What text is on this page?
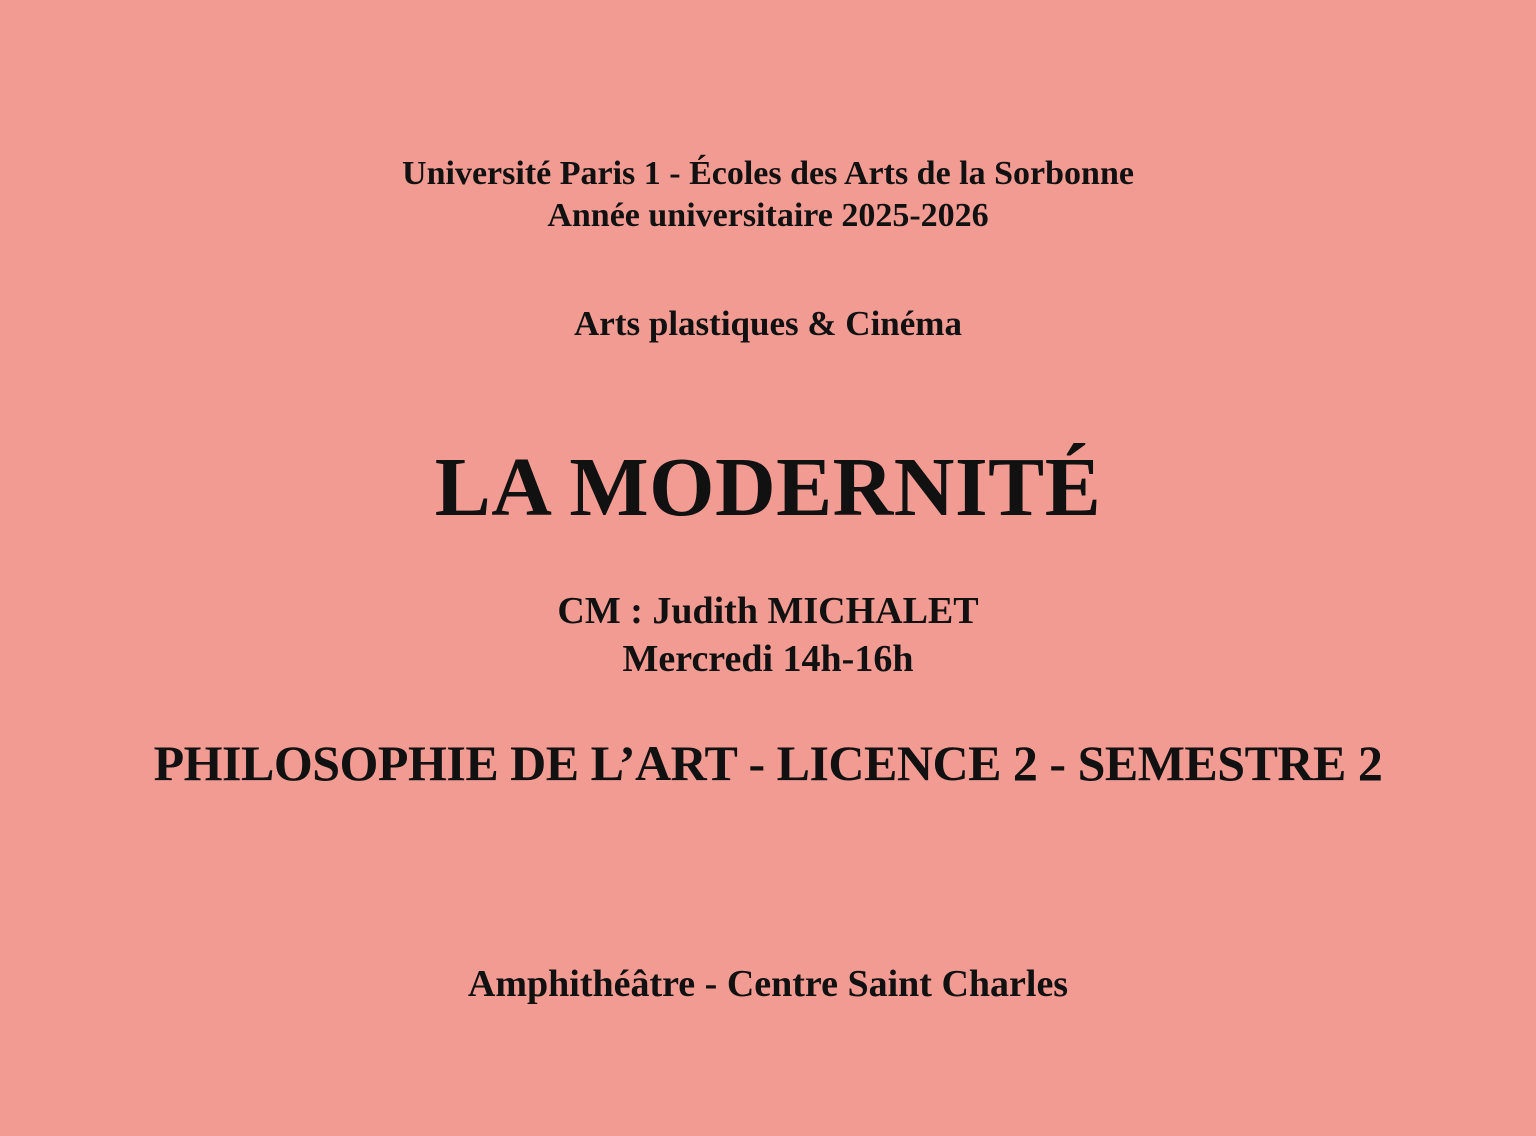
Université Paris 1 - Écoles des Arts de la Sorbonne

Année universitaire 2025-2026

Arts plastiques & Cinéma

LA MODERNITÉ

CM : Judith MICHALET

Mercredi 14h-16h

PHILOSOPHIE DE L’ART - LICENCE 2 - SEMESTRE 2

Amphithéâtre - Centre Saint Charles
